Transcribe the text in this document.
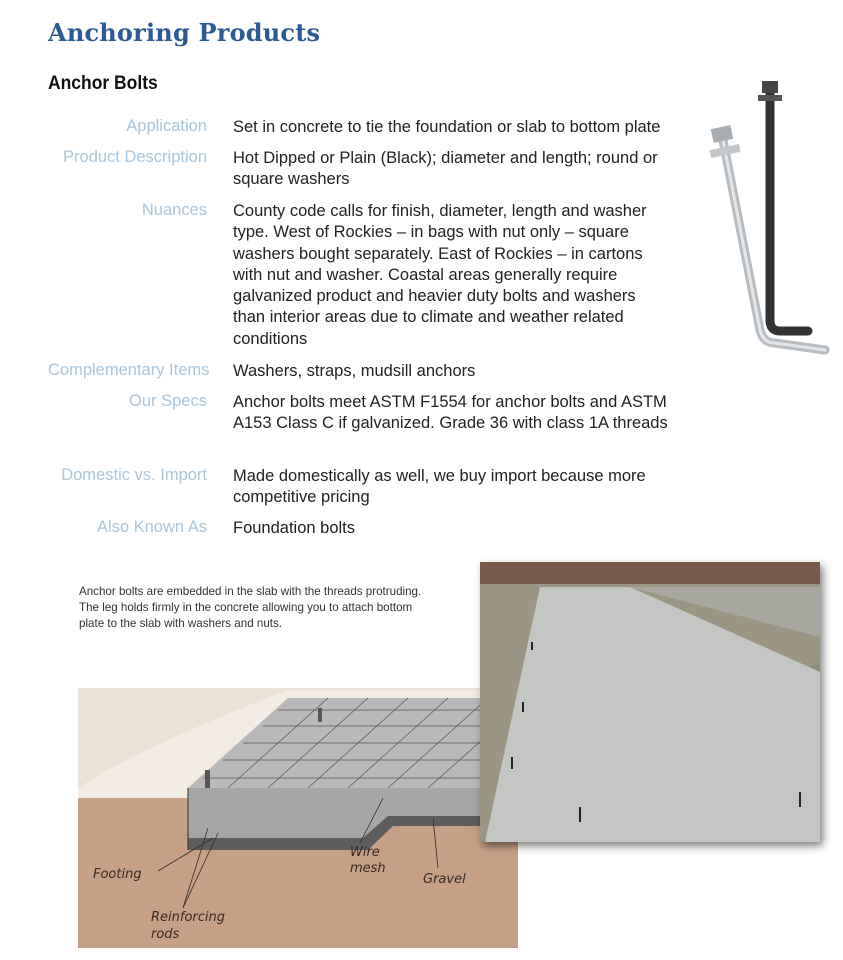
Anchoring Products
Anchor Bolts
Application Set in concrete to tie the foundation or slab to bottom plate
Product Description Hot Dipped or Plain (Black); diameter and length; round or square washers
Nuances County code calls for finish, diameter, length and washer type. West of Rockies – in bags with nut only – square washers bought separately. East of Rockies – in cartons with nut and washer. Coastal areas generally require galvanized product and heavier duty bolts and washers than interior areas due to climate and weather related conditions
Complementary Items Washers, straps, mudsill anchors
Our Specs Anchor bolts meet ASTM F1554 for anchor bolts and ASTM A153 Class C if galvanized. Grade 36 with class 1A threads
Domestic vs. Import Made domestically as well, we buy import because more competitive pricing
Also Known As Foundation bolts
Anchor bolts are embedded in the slab with the threads protruding. The leg holds firmly in the concrete allowing you to attach bottom plate to the slab with washers and nuts.
Footing
Wire
mesh
Gravel
Reinforcing
rods
